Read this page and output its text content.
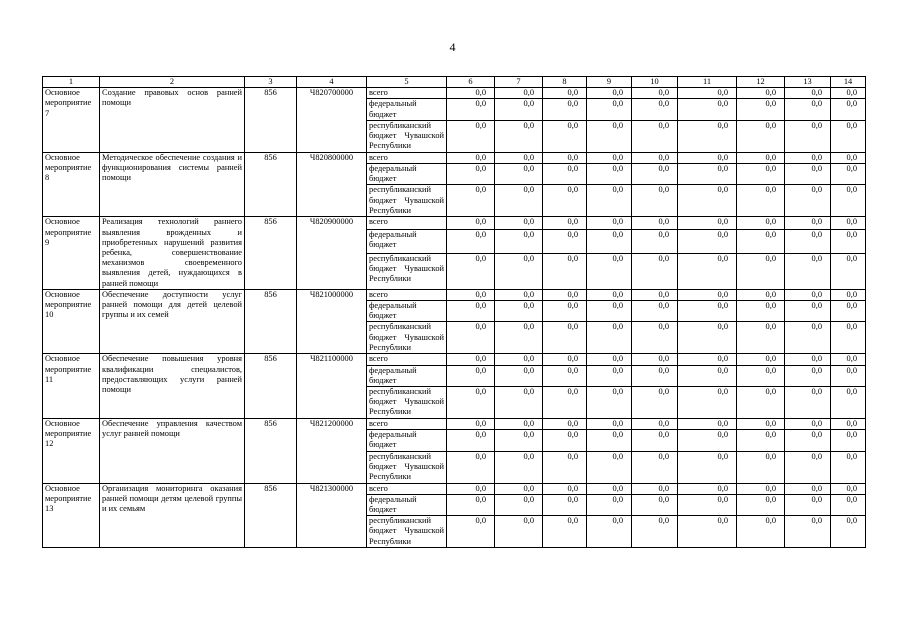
4
1	2	3	4	5	6	7	8	9	10	11	12	13	14
Основное мероприятие 7	Создание правовых основ ранней помощи	856	Ч820700000	всего	0,0	0,0	0,0	0,0	0,0	0,0	0,0	0,0	0,0
				федеральный бюджет	0,0	0,0	0,0	0,0	0,0	0,0	0,0	0,0	0,0
				республиканский бюджет Чувашской Республики	0,0	0,0	0,0	0,0	0,0	0,0	0,0	0,0	0,0
Основное мероприятие 8	Методическое обеспечение создания и функционирования системы ранней помощи	856	Ч820800000	всего	0,0	0,0	0,0	0,0	0,0	0,0	0,0	0,0	0,0
				федеральный бюджет	0,0	0,0	0,0	0,0	0,0	0,0	0,0	0,0	0,0
				республиканский бюджет Чувашской Республики	0,0	0,0	0,0	0,0	0,0	0,0	0,0	0,0	0,0
Основное мероприятие 9	Реализация технологий раннего выявления врожденных и приобретенных нарушений развития ребенка, совершенствование механизмов своевременного выявления детей, нуждающихся в ранней помощи	856	Ч820900000	всего	0,0	0,0	0,0	0,0	0,0	0,0	0,0	0,0	0,0
				федеральный бюджет	0,0	0,0	0,0	0,0	0,0	0,0	0,0	0,0	0,0
				республиканский бюджет Чувашской Республики	0,0	0,0	0,0	0,0	0,0	0,0	0,0	0,0	0,0
Основное мероприятие 10	Обеспечение доступности услуг ранней помощи для детей целевой группы и их семей	856	Ч821000000	всего	0,0	0,0	0,0	0,0	0,0	0,0	0,0	0,0	0,0
				федеральный бюджет	0,0	0,0	0,0	0,0	0,0	0,0	0,0	0,0	0,0
				республиканский бюджет Чувашской Республики	0,0	0,0	0,0	0,0	0,0	0,0	0,0	0,0	0,0
Основное мероприятие 11	Обеспечение повышения уровня квалификации специалистов, предоставляющих услуги ранней помощи	856	Ч821100000	всего	0,0	0,0	0,0	0,0	0,0	0,0	0,0	0,0	0,0
				федеральный бюджет	0,0	0,0	0,0	0,0	0,0	0,0	0,0	0,0	0,0
				республиканский бюджет Чувашской Республики	0,0	0,0	0,0	0,0	0,0	0,0	0,0	0,0	0,0
Основное мероприятие 12	Обеспечение управления качеством услуг ранней помощи	856	Ч821200000	всего	0,0	0,0	0,0	0,0	0,0	0,0	0,0	0,0	0,0
				федеральный бюджет	0,0	0,0	0,0	0,0	0,0	0,0	0,0	0,0	0,0
				республиканский бюджет Чувашской Республики	0,0	0,0	0,0	0,0	0,0	0,0	0,0	0,0	0,0
Основное мероприятие 13	Организация мониторинга оказания ранней помощи детям целевой группы и их семьям	856	Ч821300000	всего	0,0	0,0	0,0	0,0	0,0	0,0	0,0	0,0	0,0
				федеральный бюджет	0,0	0,0	0,0	0,0	0,0	0,0	0,0	0,0	0,0
				республиканский бюджет Чувашской Республики	0,0	0,0	0,0	0,0	0,0	0,0	0,0	0,0	0,0
